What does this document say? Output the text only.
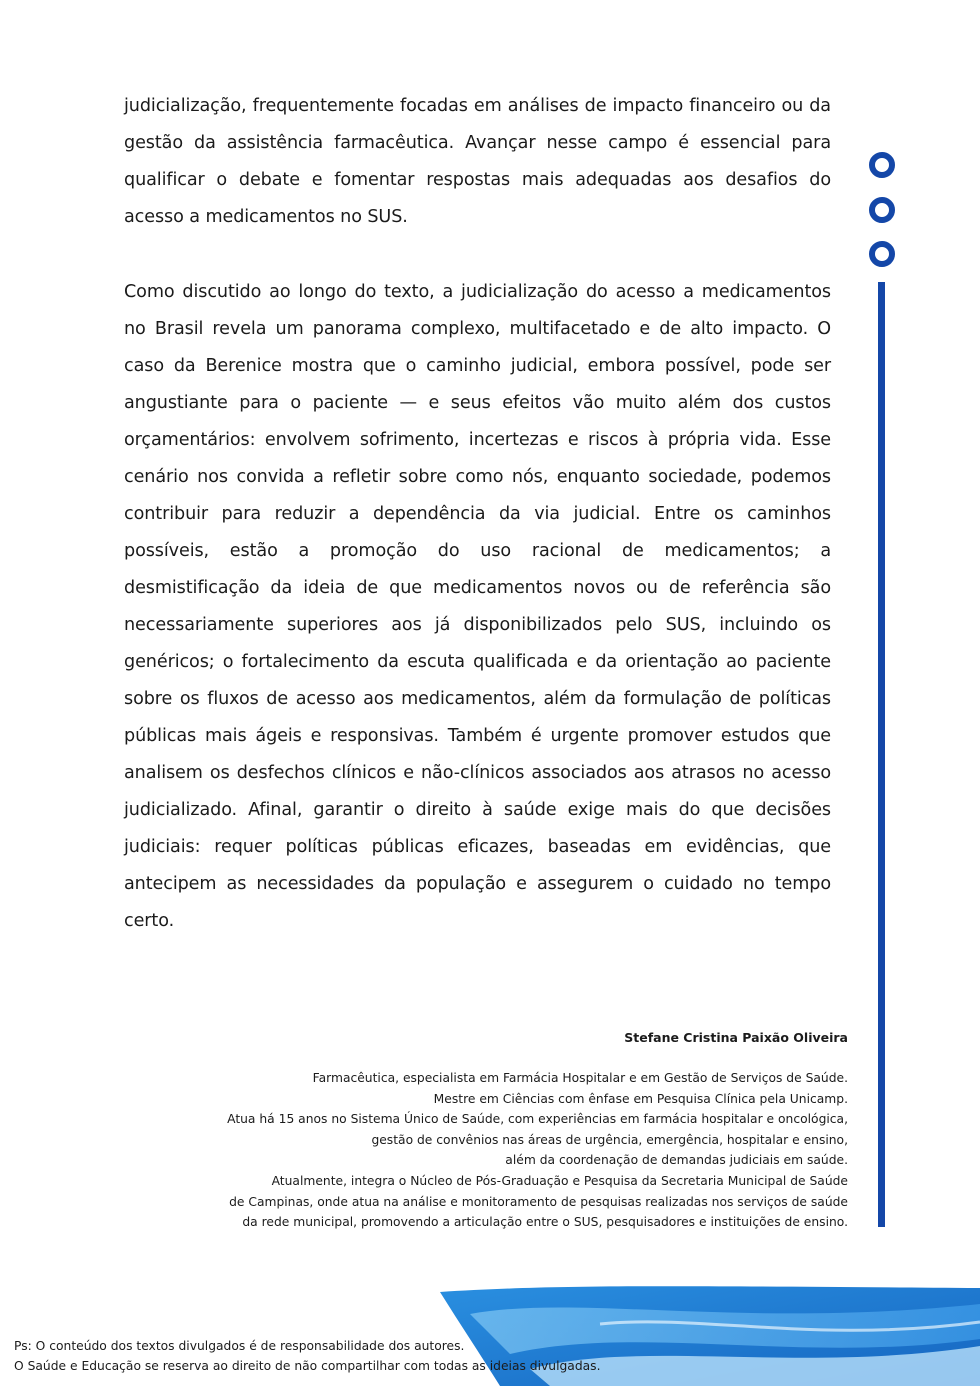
judicialização, frequentemente focadas em análises de impacto financeiro ou da gestão da assistência farmacêutica. Avançar nesse campo é essencial para qualificar o debate e fomentar respostas mais adequadas aos desafios do acesso a medicamentos no SUS.

Como discutido ao longo do texto, a judicialização do acesso a medicamentos no Brasil revela um panorama complexo, multifacetado e de alto impacto. O caso da Berenice mostra que o caminho judicial, embora possível, pode ser angustiante para o paciente — e seus efeitos vão muito além dos custos orçamentários: envolvem sofrimento, incertezas e riscos à própria vida. Esse cenário nos convida a refletir sobre como nós, enquanto sociedade, podemos contribuir para reduzir a dependência da via judicial. Entre os caminhos possíveis, estão a promoção do uso racional de medicamentos; a desmistificação da ideia de que medicamentos novos ou de referência são necessariamente superiores aos já disponibilizados pelo SUS, incluindo os genéricos; o fortalecimento da escuta qualificada e da orientação ao paciente sobre os fluxos de acesso aos medicamentos, além da formulação de políticas públicas mais ágeis e responsivas. Também é urgente promover estudos que analisem os desfechos clínicos e não-clínicos associados aos atrasos no acesso judicializado. Afinal, garantir o direito à saúde exige mais do que decisões judiciais: requer políticas públicas eficazes, baseadas em evidências, que antecipem as necessidades da população e assegurem o cuidado no tempo certo.

Stefane Cristina Paixão Oliveira

Farmacêutica, especialista em Farmácia Hospitalar e em Gestão de Serviços de Saúde.
Mestre em Ciências com ênfase em Pesquisa Clínica pela Unicamp.
Atua há 15 anos no Sistema Único de Saúde, com experiências em farmácia hospitalar e oncológica,
gestão de convênios nas áreas de urgência, emergência, hospitalar e ensino,
além da coordenação de demandas judiciais em saúde.
Atualmente, integra o Núcleo de Pós-Graduação e Pesquisa da Secretaria Municipal de Saúde
de Campinas, onde atua na análise e monitoramento de pesquisas realizadas nos serviços de saúde
da rede municipal, promovendo a articulação entre o SUS, pesquisadores e instituições de ensino.

Ps: O conteúdo dos textos divulgados é de responsabilidade dos autores.
O Saúde e Educação se reserva ao direito de não compartilhar com todas as ideias divulgadas.
